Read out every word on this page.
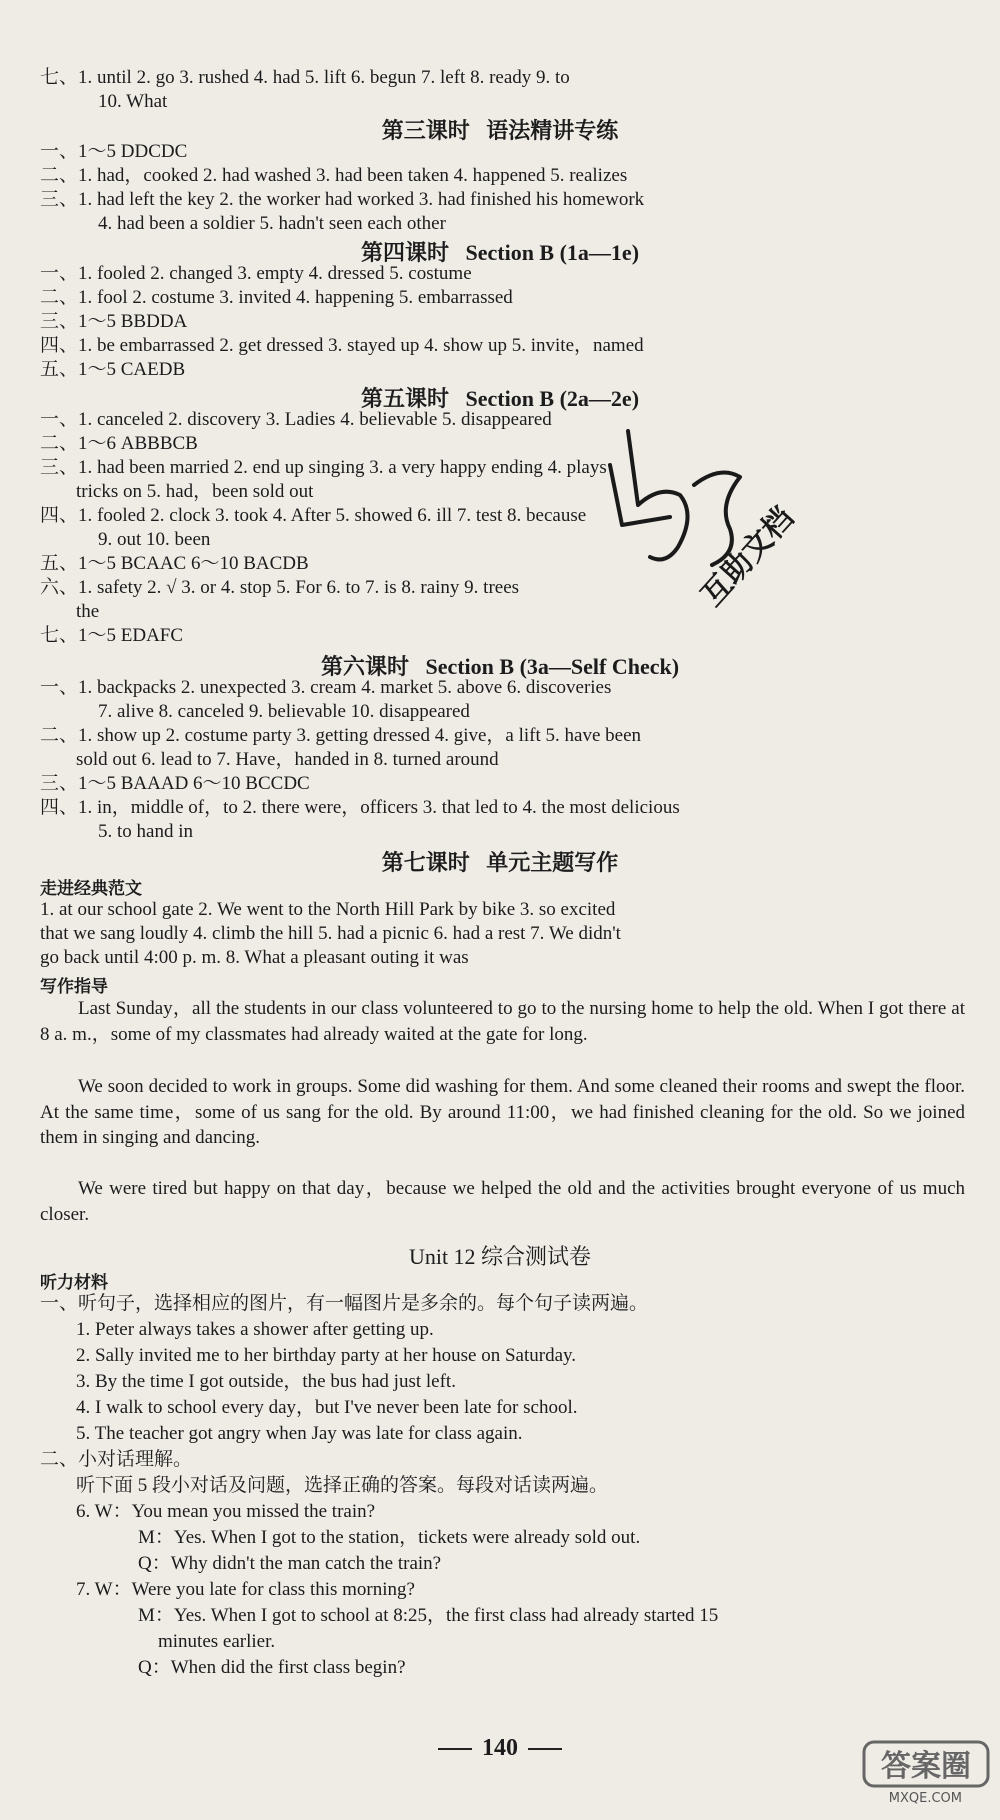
七、1. until 2. go 3. rushed 4. had 5. lift 6. begun 7. left 8. ready 9. to
10. What
第三课时   语法精讲专练
一、1～5 DDCDC
二、1. had，cooked 2. had washed 3. had been taken 4. happened 5. realizes
三、1. had left the key 2. the worker had worked 3. had finished his homework
4. had been a soldier 5. hadn't seen each other
第四课时   Section B (1a—1e)
一、1. fooled 2. changed 3. empty 4. dressed 5. costume
二、1. fool 2. costume 3. invited 4. happening 5. embarrassed
三、1～5 BBDDA
四、1. be embarrassed 2. get dressed 3. stayed up 4. show up 5. invite，named
五、1～5 CAEDB
第五课时   Section B (2a—2e)
一、1. canceled 2. discovery 3. Ladies 4. believable 5. disappeared
二、1～6 ABBBCB
三、1. had been married 2. end up singing 3. a very happy ending 4. plays
tricks on 5. had，been sold out
四、1. fooled 2. clock 3. took 4. After 5. showed 6. ill 7. test 8. because
9. out 10. been
五、1～5 BCAAC 6～10 BACDB
六、1. safety 2. √ 3. or 4. stop 5. For 6. to 7. is 8. rainy 9. trees
the
七、1～5 EDAFC
第六课时   Section B (3a—Self Check)
一、1. backpacks 2. unexpected 3. cream 4. market 5. above 6. discoveries
7. alive 8. canceled 9. believable 10. disappeared
二、1. show up 2. costume party 3. getting dressed 4. give，a lift 5. have been
sold out 6. lead to 7. Have，handed in 8. turned around
三、1～5 BAAAD 6～10 BCCDC
四、1. in，middle of，to 2. there were，officers 3. that led to 4. the most delicious
5. to hand in
第七课时   单元主题写作
走进经典范文
1. at our school gate 2. We went to the North Hill Park by bike 3. so excited
that we sang loudly 4. climb the hill 5. had a picnic 6. had a rest 7. We didn't
go back until 4:00 p. m. 8. What a pleasant outing it was
写作指导
Last Sunday，all the students in our class volunteered to go to the nursing home to help the old. When I got there at 8 a. m.，some of my classmates had already waited at the gate for long.
We soon decided to work in groups. Some did washing for them. And some cleaned their rooms and swept the floor. At the same time，some of us sang for the old. By around 11:00，we had finished cleaning for the old. So we joined them in singing and dancing.
We were tired but happy on that day，because we helped the old and the activities brought everyone of us much closer.
Unit 12 综合测试卷
听力材料
一、听句子，选择相应的图片，有一幅图片是多余的。每个句子读两遍。
1. Peter always takes a shower after getting up.
2. Sally invited me to her birthday party at her house on Saturday.
3. By the time I got outside，the bus had just left.
4. I walk to school every day，but I've never been late for school.
5. The teacher got angry when Jay was late for class again.
二、小对话理解。
听下面 5 段小对话及问题，选择正确的答案。每段对话读两遍。
6. W：You mean you missed the train?
M：Yes. When I got to the station，tickets were already sold out.
Q：Why didn't the man catch the train?
7. W：Were you late for class this morning?
M：Yes. When I got to school at 8:25，the first class had already started 15
minutes earlier.
Q：When did the first class begin?
140
互助文档
答案圈
MXQE.COM
